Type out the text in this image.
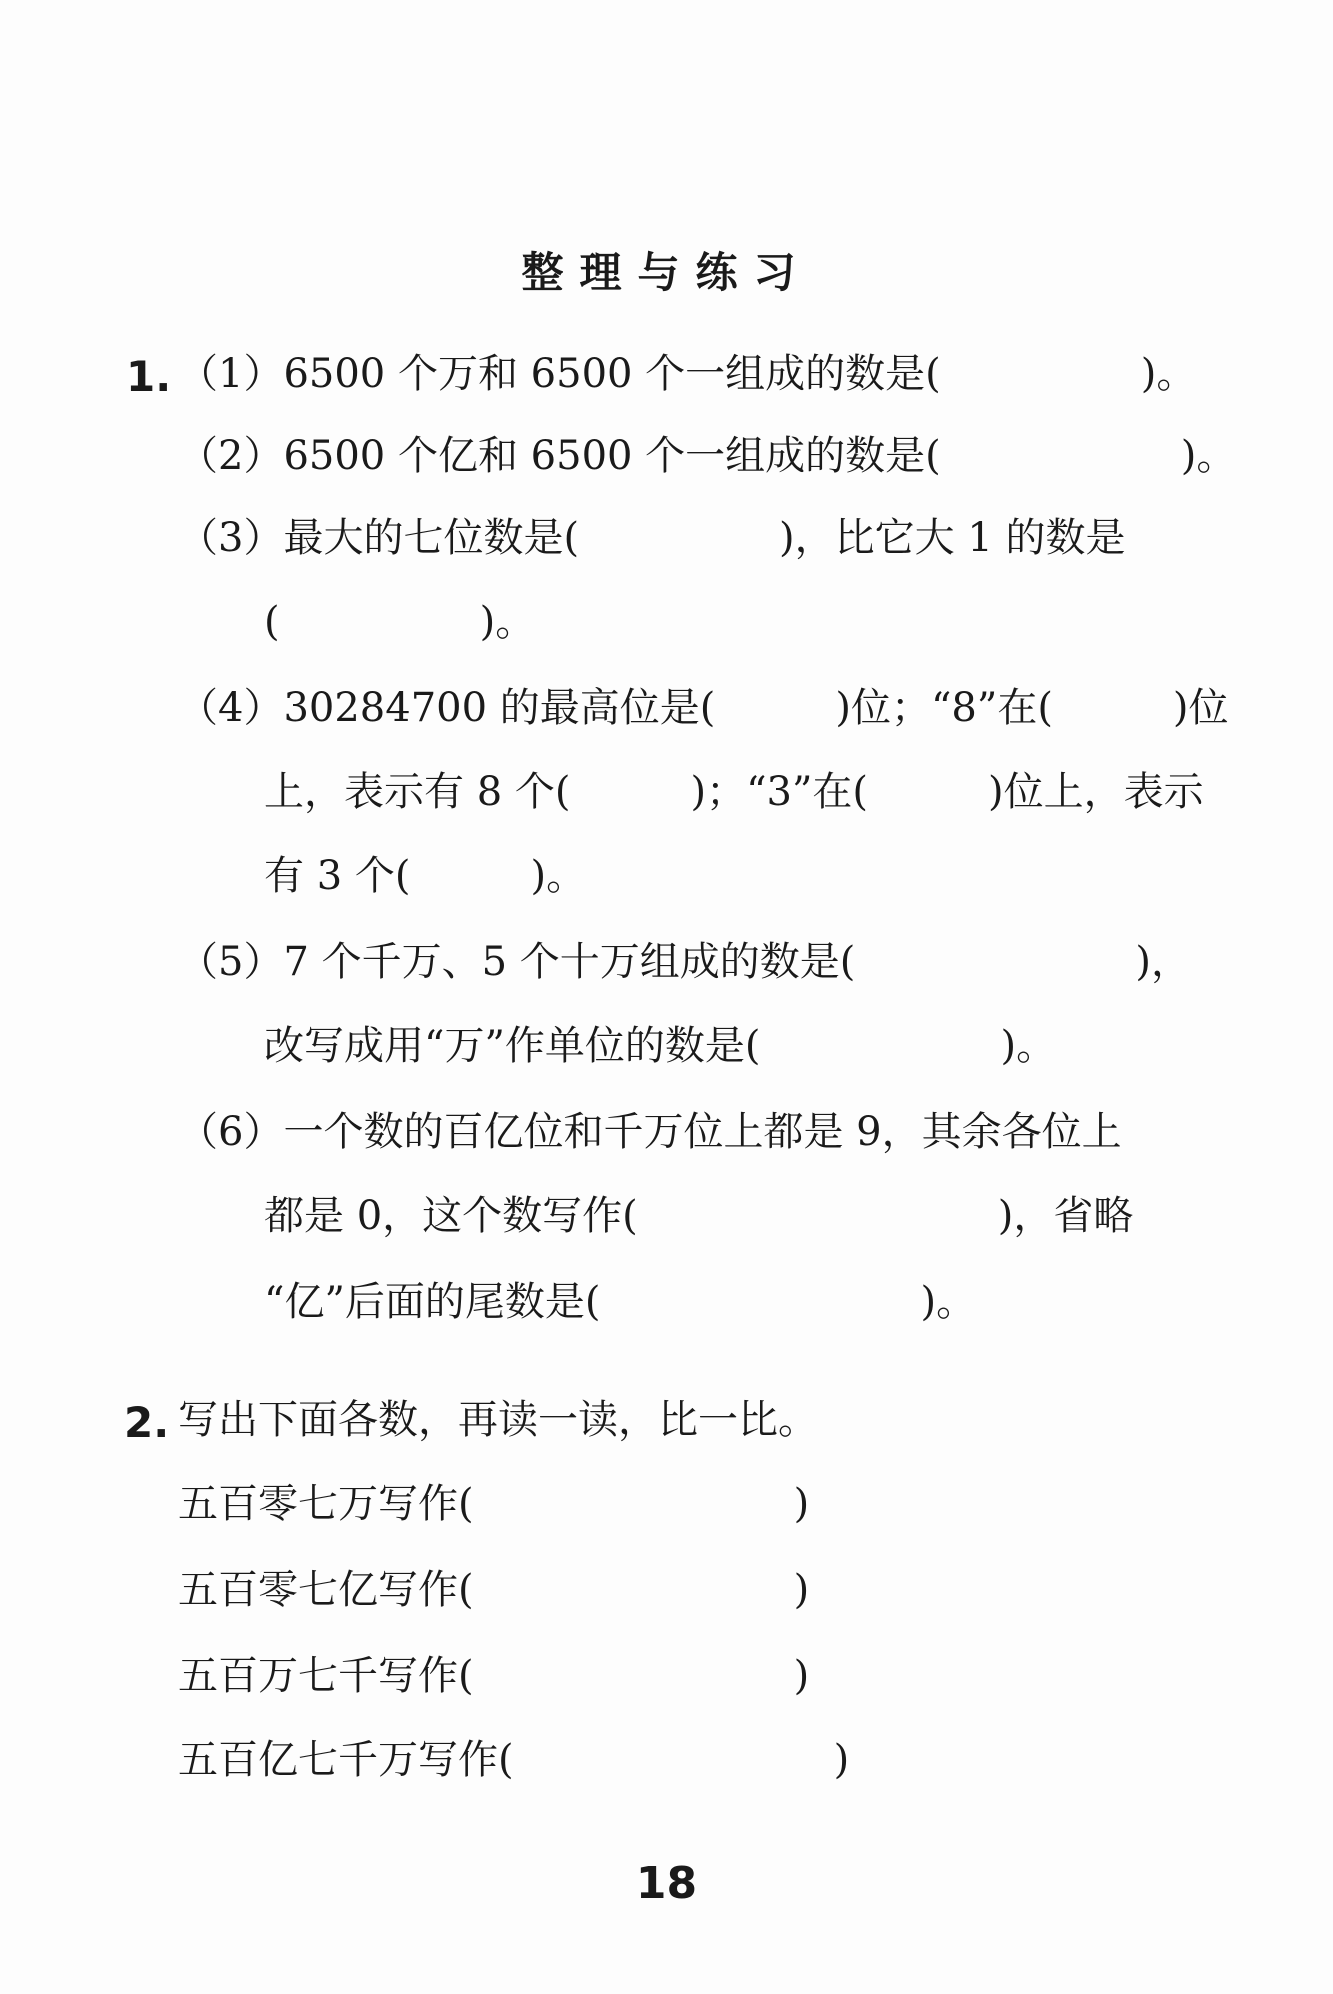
整理与练习
1. （1）6500 个万和 6500 个一组成的数是(　　　　　)。
（2）6500 个亿和 6500 个一组成的数是(　　　　　　)。
（3）最大的七位数是(　　　　　)，比它大 1 的数是
(　　　　　)。
（4）30284700 的最高位是(　　　)位；“8”在(　　　)位
上，表示有 8 个(　　　)；“3”在(　　　)位上，表示
有 3 个(　　　)。
（5）7 个千万、5 个十万组成的数是(　　　　　　　)，
改写成用“万”作单位的数是(　　　　　　)。
（6）一个数的百亿位和千万位上都是 9，其余各位上
都是 0，这个数写作(　　　　　　　　　)，省略
“亿”后面的尾数是(　　　　　　　　)。
2. 写出下面各数，再读一读，比一比。
五百零七万写作(　　　　　　　　)
五百零七亿写作(　　　　　　　　)
五百万七千写作(　　　　　　　　)
五百亿七千万写作(　　　　　　　　)
18
